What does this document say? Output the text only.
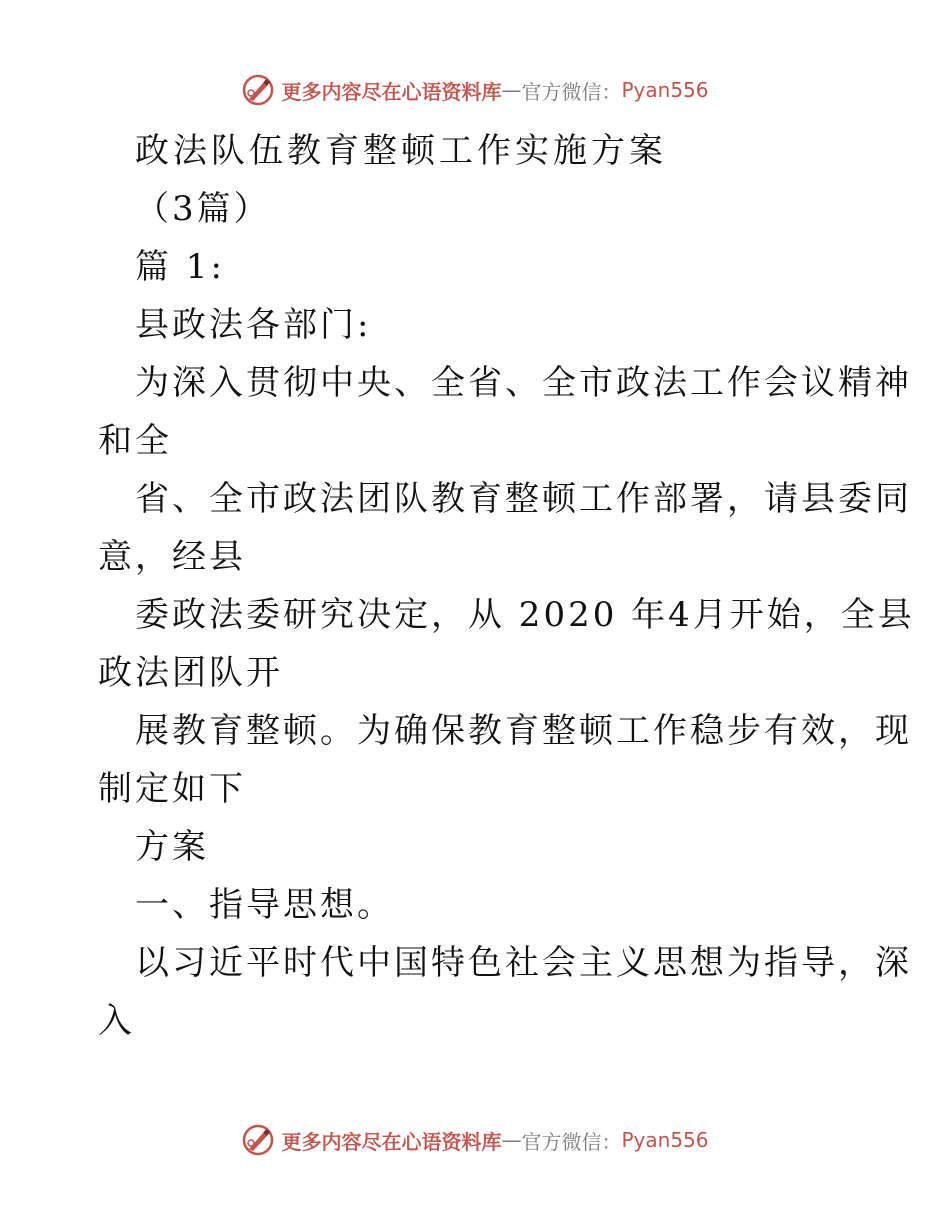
更多内容尽在心语资料库 — 官方微信： Pyan556
政法队伍教育整顿工作实施方案
（3篇）
篇 1:
县政法各部门:
为深入贯彻中央、全省、全市政法工作会议精神
和全
省、全市政法团队教育整顿工作部署，请县委同
意，经县
委政法委研究决定，从 2020 年4月开始，全县
政法团队开
展教育整顿。为确保教育整顿工作稳步有效，现
制定如下
方案
一、指导思想。
以习近平时代中国特色社会主义思想为指导，深
入
更多内容尽在心语资料库 — 官方微信： Pyan556
